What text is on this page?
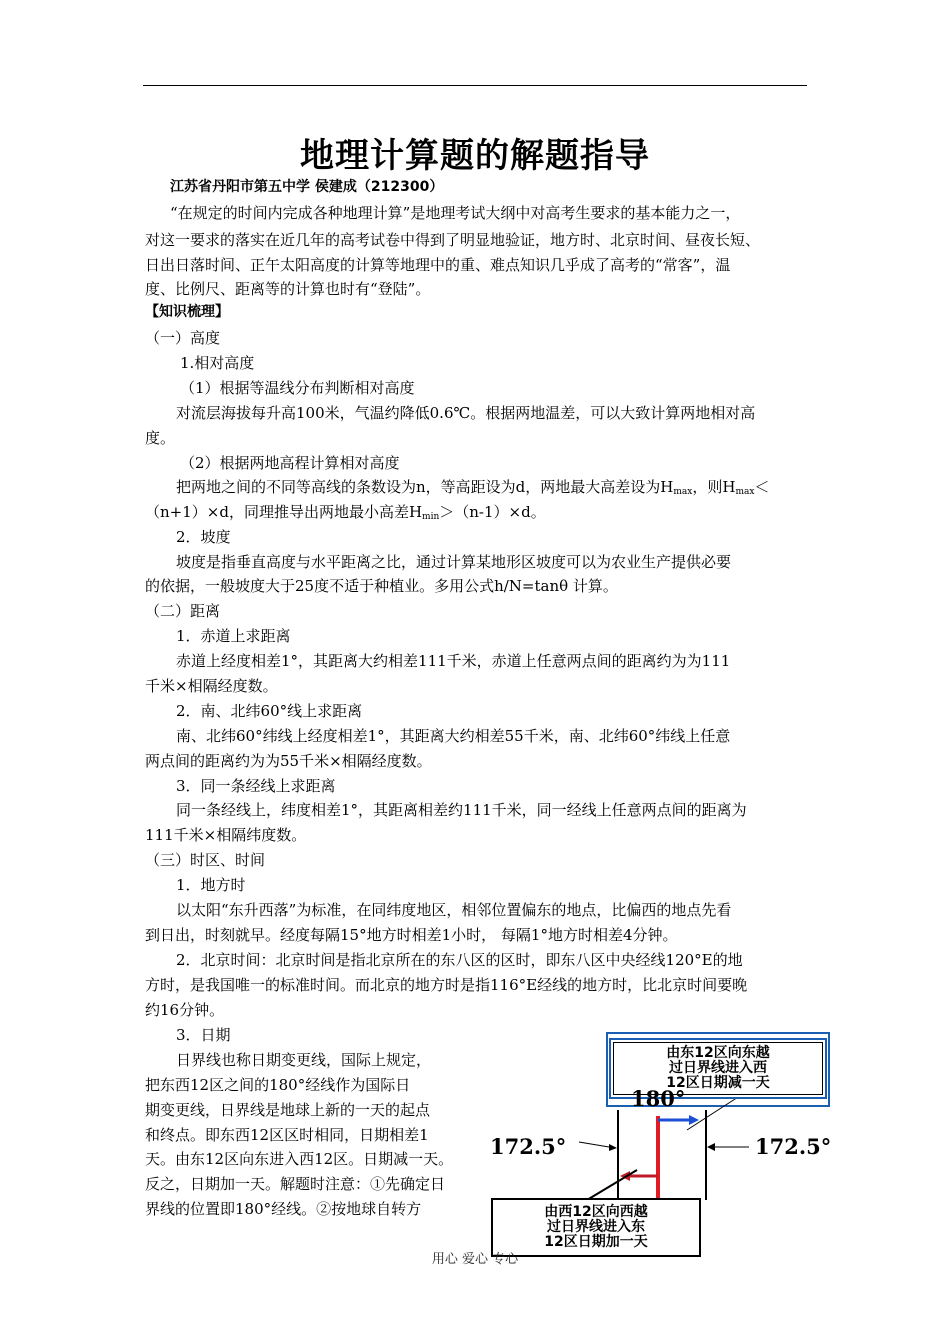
地理计算题的解题指导
江苏省丹阳市第五中学 侯建成（212300）
“在规定的时间内完成各种地理计算”是地理考试大纲中对高考生要求的基本能力之一，
对这一要求的落实在近几年的高考试卷中得到了明显地验证，地方时、北京时间、昼夜长短、
日出日落时间、正午太阳高度的计算等地理中的重、难点知识几乎成了高考的“常客”，温
度、比例尺、距离等的计算也时有“登陆”。
【知识梳理】
（一）高度
1.相对高度
（1）根据等温线分布判断相对高度
对流层海拔每升高100米，气温约降低0.6℃。根据两地温差，可以大致计算两地相对高
度。
（2）根据两地高程计算相对高度
把两地之间的不同等高线的条数设为n，等高距设为d，两地最大高差设为$H_{max}$，则$H_{max}<$
（n+1）×d，同理推导出两地最小高差$H_{min}>(n-1)\times d$。
2．坡度
坡度是指垂直高度与水平距离之比，通过计算某地形区坡度可以为农业生产提供必要
的依据，一般坡度大于25度不适于种植业。多用公式h/N=tanθ 计算。
（二）距离
1．赤道上求距离
赤道上经度相差1°，其距离大约相差111千米，赤道上任意两点间的距离约为为111
千米×相隔经度数。
2．南、北纬60°线上求距离
南、北纬60°纬线上经度相差1°，其距离大约相差55千米，南、北纬60°纬线上任意
两点间的距离约为为55千米×相隔经度数。
3．同一条经线上求距离
同一条经线上，纬度相差1°，其距离相差约111千米，同一经线上任意两点间的距离为
111千米×相隔纬度数。
（三）时区、时间
1．地方时
以太阳“东升西落”为标准，在同纬度地区，相邻位置偏东的地点，比偏西的地点先看
到日出，时刻就早。经度每隔15°地方时相差1小时， 每隔1°地方时相差4分钟。
2．北京时间：北京时间是指北京所在的东八区的区时，即东八区中央经线120°E的地
方时，是我国唯一的标准时间。而北京的地方时是指116°E经线的地方时，比北京时间要晚
约16分钟。
3．日期
日界线也称日期变更线，国际上规定，
把东西12区之间的180°经线作为国际日
期变更线，日界线是地球上新的一天的起点
和终点。即东西12区区时相同，日期相差1
天。由东12区向东进入西12区。日期减一天。
反之，日期加一天。解题时注意：①先确定日
界线的位置即180°经线。②按地球自转方
由东12区向东越
过日界线进入西
12区日期减一天
180°
172.5°	172.5°
由西12区向西越
过日界线进入东
12区日期加一天
用心 爱心 专心
